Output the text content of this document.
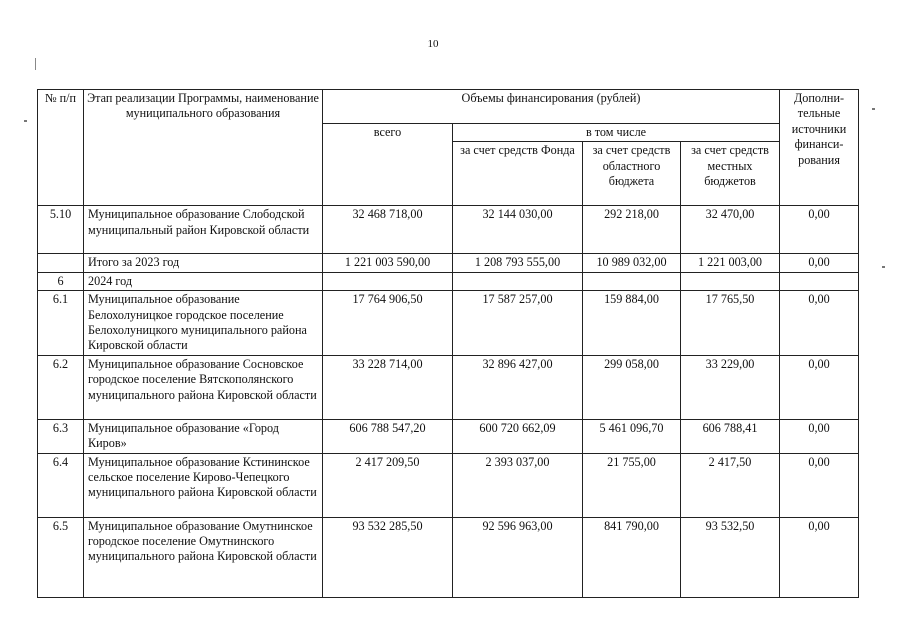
10
№ п/п	Этап реализации Программы, наименование муниципального образования	Объемы финансирования (рублей)				Дополни-тельные источники финанси-рования
		всего	в том числе			
			за счет средств Фонда	за счет средств областного бюджета	за счет средств местных бюджетов	
5.10	Муниципальное образование Слободской муниципальный район Кировской области	32 468 718,00	32 144 030,00	292 218,00	32 470,00	0,00
	Итого за 2023 год	1 221 003 590,00	1 208 793 555,00	10 989 032,00	1 221 003,00	0,00
6	2024 год					
6.1	Муниципальное образование Белохолуницкое городское поселение Белохолуницкого муниципального района Кировской области	17 764 906,50	17 587 257,00	159 884,00	17 765,50	0,00
6.2	Муниципальное образование Сосновское городское поселение Вятскополянского муниципального района Кировской области	33 228 714,00	32 896 427,00	299 058,00	33 229,00	0,00
6.3	Муниципальное образование «Город Киров»	606 788 547,20	600 720 662,09	5 461 096,70	606 788,41	0,00
6.4	Муниципальное образование Кстининское сельское поселение Кирово-Чепецкого муниципального района Кировской области	2 417 209,50	2 393 037,00	21 755,00	2 417,50	0,00
6.5	Муниципальное образование Омутнинское городское поселение Омутнинского муниципального района Кировской области	93 532 285,50	92 596 963,00	841 790,00	93 532,50	0,00
